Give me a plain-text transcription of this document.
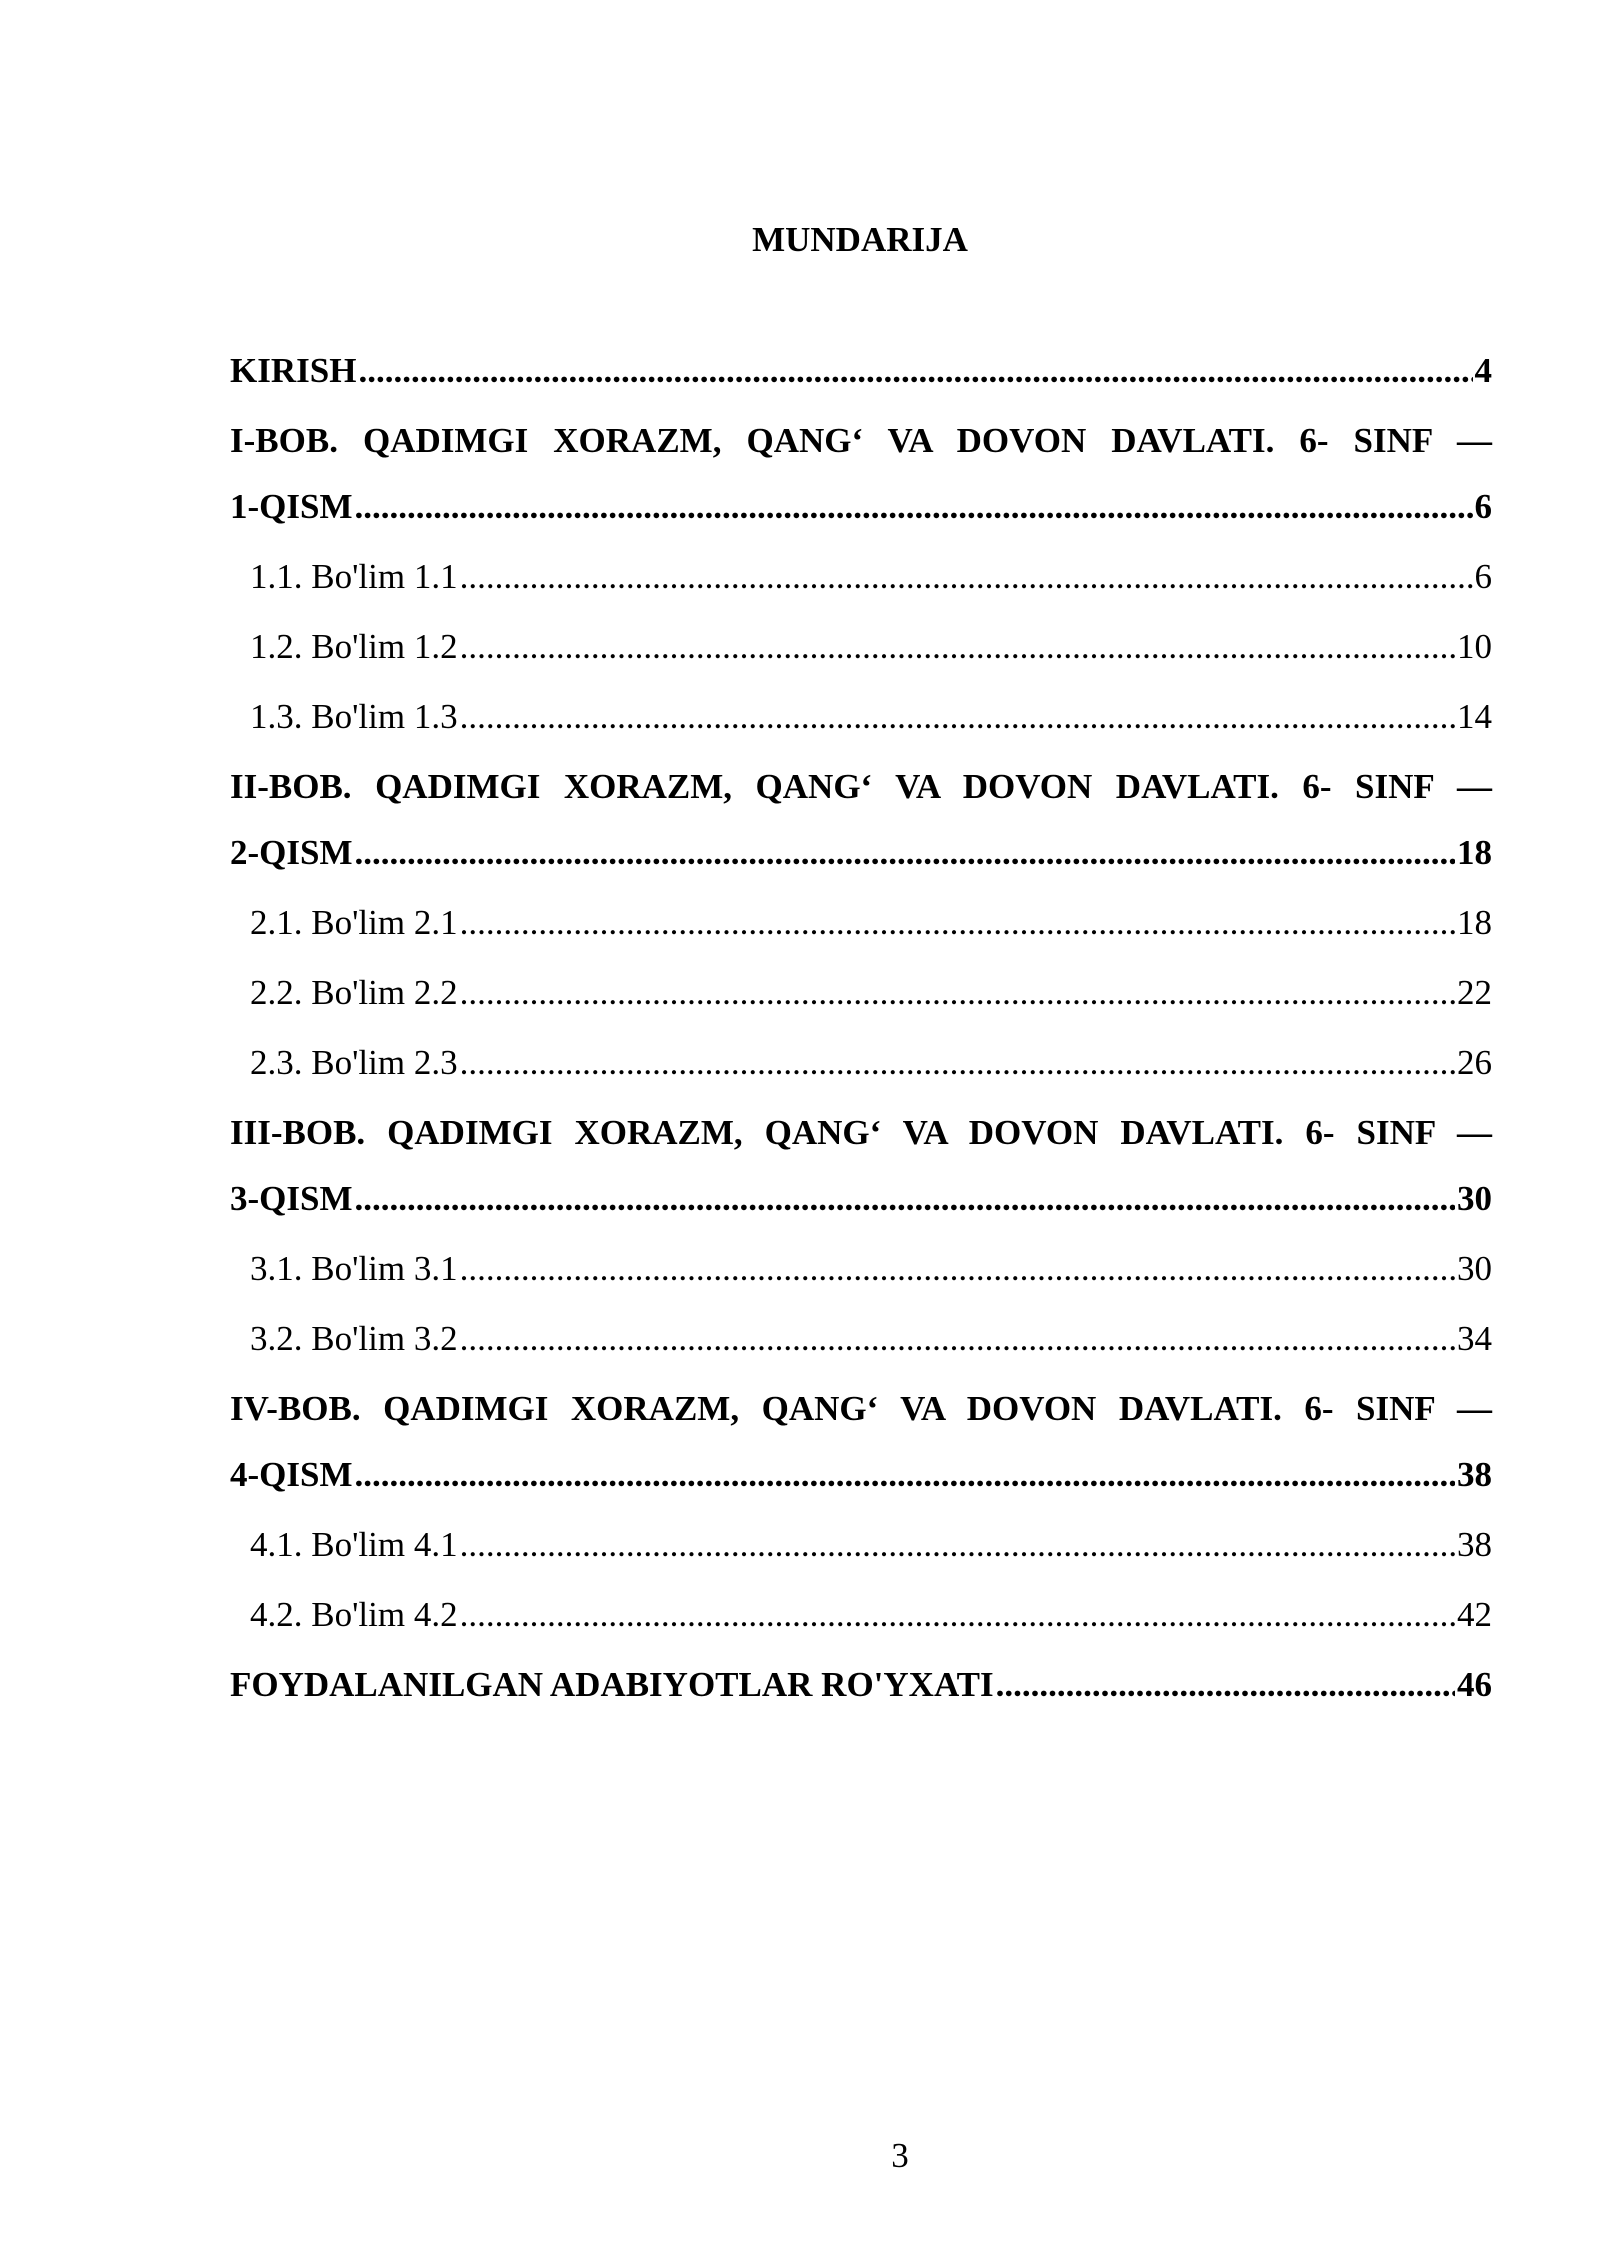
MUNDARIJA
KIRISH .....	4
I-BOB. QADIMGI XORAZM, QANG‘ VA DOVON DAVLATI. 6- SINF —
1-QISM .....	6
1.1. Bo'lim 1.1 .....	6
1.2. Bo'lim 1.2 .....	10
1.3. Bo'lim 1.3 .....	14
II-BOB. QADIMGI XORAZM, QANG‘ VA DOVON DAVLATI. 6- SINF —
2-QISM .....	18
2.1. Bo'lim 2.1 .....	18
2.2. Bo'lim 2.2 .....	22
2.3. Bo'lim 2.3 .....	26
III-BOB. QADIMGI XORAZM, QANG‘ VA DOVON DAVLATI. 6- SINF —
3-QISM .....	30
3.1. Bo'lim 3.1 .....	30
3.2. Bo'lim 3.2 .....	34
IV-BOB. QADIMGI XORAZM, QANG‘ VA DOVON DAVLATI. 6- SINF —
4-QISM .....	38
4.1. Bo'lim 4.1 .....	38
4.2. Bo'lim 4.2 .....	42
FOYDALANILGAN ADABIYOTLAR RO'YXATI .....	46
3
